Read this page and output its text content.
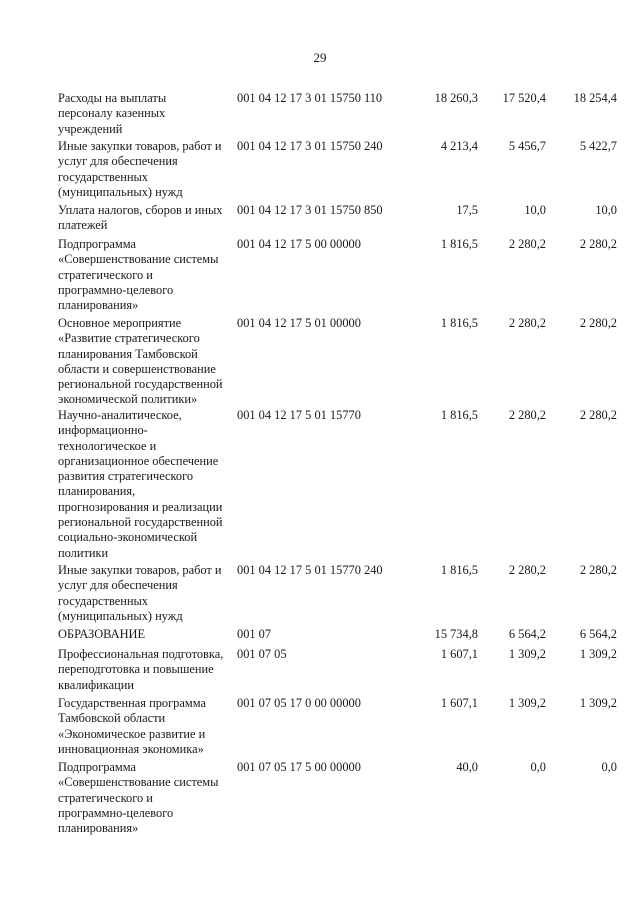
29
Расходы на выплаты
персоналу казенных
учреждений
001 04 12 17 3 01 15750 110	18 260,3	17 520,4	18 254,4
Иные закупки товаров, работ и
услуг для обеспечения
государственных
(муниципальных) нужд
001 04 12 17 3 01 15750 240	4 213,4	5 456,7	5 422,7
Уплата налогов, сборов и иных
платежей
001 04 12 17 3 01 15750 850	17,5	10,0	10,0
Подпрограмма
«Совершенствование системы
стратегического и
программно-целевого
планирования»
001 04 12 17 5 00 00000	1 816,5	2 280,2	2 280,2
Основное мероприятие
«Развитие стратегического
планирования Тамбовской
области и совершенствование
региональной государственной
экономической политики»
001 04 12 17 5 01 00000	1 816,5	2 280,2	2 280,2
Научно-аналитическое,
информационно-
технологическое и
организационное обеспечение
развития стратегического
планирования,
прогнозирования и реализации
региональной государственной
социально-экономической
политики
001 04 12 17 5 01 15770	1 816,5	2 280,2	2 280,2
Иные закупки товаров, работ и
услуг для обеспечения
государственных
(муниципальных) нужд
001 04 12 17 5 01 15770 240	1 816,5	2 280,2	2 280,2
ОБРАЗОВАНИЕ	001 07	15 734,8	6 564,2	6 564,2
Профессиональная подготовка,
переподготовка и повышение
квалификации
001 07 05	1 607,1	1 309,2	1 309,2
Государственная программа
Тамбовской области
«Экономическое развитие и
инновационная экономика»
001 07 05 17 0 00 00000	1 607,1	1 309,2	1 309,2
Подпрограмма
«Совершенствование системы
стратегического и
программно-целевого
планирования»
001 07 05 17 5 00 00000	40,0	0,0	0,0
